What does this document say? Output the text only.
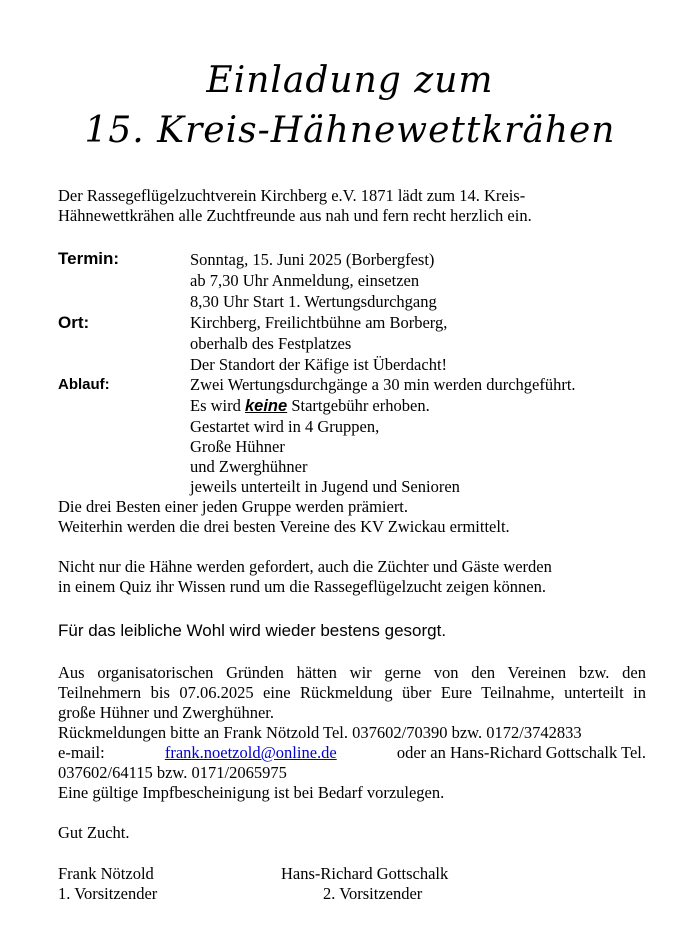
Einladung zum
15. Kreis-Hähnewettkrähen
Der Rassegeflügelzuchtverein Kirchberg e.V. 1871 lädt zum 14. Kreis-
Hähnewettkrähen alle Zuchtfreunde aus nah und fern recht herzlich ein.
Termin:	Sonntag, 15. Juni 2025 (Borbergfest)
ab 7,30 Uhr Anmeldung, einsetzen
8,30 Uhr Start 1. Wertungsdurchgang
Ort:	Kirchberg, Freilichtbühne am Borberg,
oberhalb des Festplatzes
Der Standort der Käfige ist Überdacht!
Ablauf:	Zwei Wertungsdurchgänge a 30 min werden durchgeführt.
Es wird keine Startgebühr erhoben.
Gestartet wird in 4 Gruppen,
Große Hühner
und Zwerghühner
jeweils unterteilt in Jugend und Senioren
Die drei Besten einer jeden Gruppe werden prämiert.
Weiterhin werden die drei besten Vereine des KV Zwickau ermittelt.
Nicht nur die Hähne werden gefordert, auch die Züchter und Gäste werden
in einem Quiz ihr Wissen rund um die Rassegeflügelzucht zeigen können.
Für das leibliche Wohl wird wieder bestens gesorgt.
Aus organisatorischen Gründen hätten wir gerne von den Vereinen bzw. den
Teilnehmern bis 07.06.2025 eine Rückmeldung über Eure Teilnahme, unterteilt in
große Hühner und Zwerghühner.
Rückmeldungen bitte an Frank Nötzold Tel. 037602/70390 bzw. 0172/3742833
e-mail:	frank.noetzold@online.de	oder an Hans-Richard Gottschalk Tel.
037602/64115 bzw. 0171/2065975
Eine gültige Impfbescheinigung ist bei Bedarf vorzulegen.
Gut Zucht.
Frank Nötzold
1. Vorsitzender
Hans-Richard Gottschalk
2. Vorsitzender
